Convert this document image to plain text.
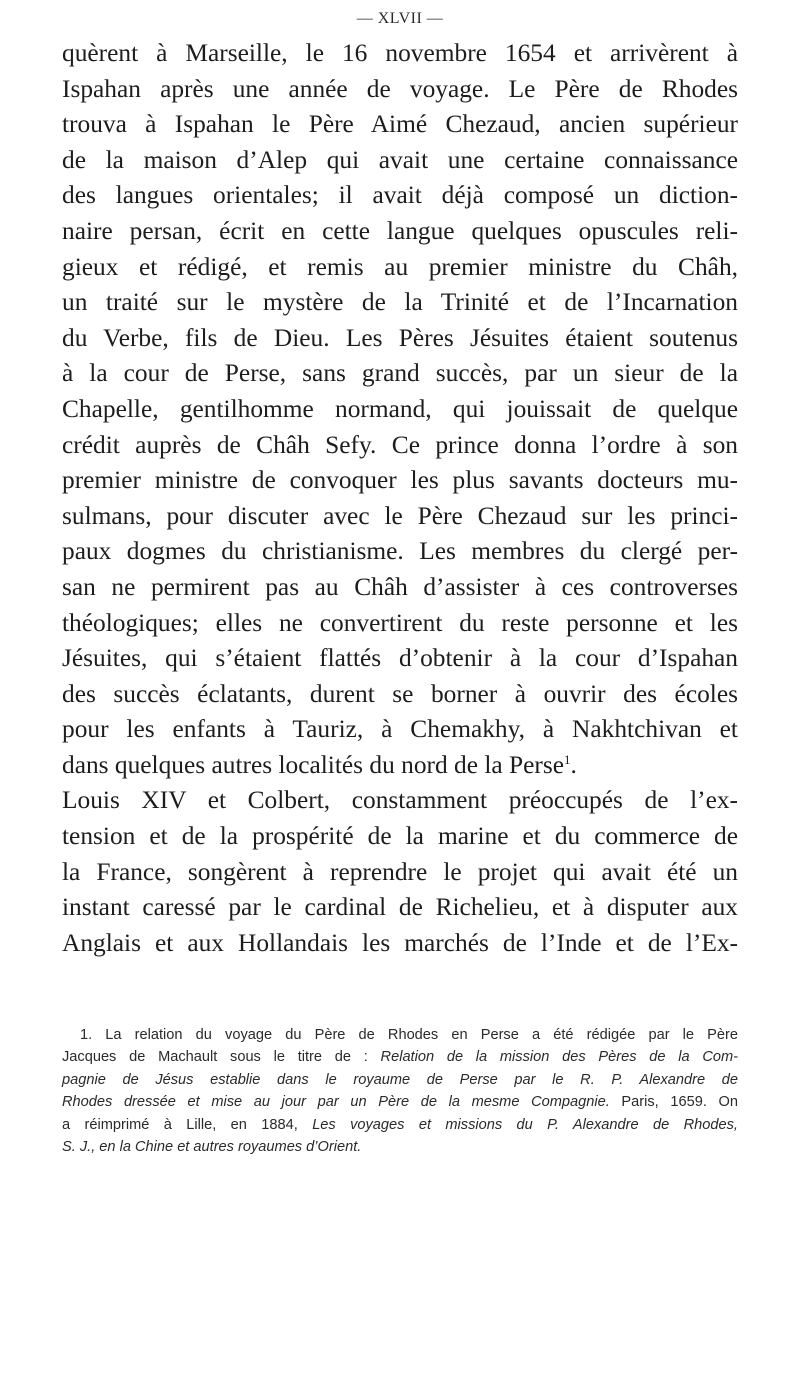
— XLVII —
quèrent à Marseille, le 16 novembre 1654 et arrivèrent à
Ispahan après une année de voyage. Le Père de Rhodes
trouva à Ispahan le Père Aimé Chezaud, ancien supérieur
de la maison d’Alep qui avait une certaine connaissance
des langues orientales; il avait déjà composé un diction-
naire persan, écrit en cette langue quelques opuscules reli-
gieux et rédigé, et remis au premier ministre du Châh,
un traité sur le mystère de la Trinité et de l’Incarnation
du Verbe, fils de Dieu. Les Pères Jésuites étaient soutenus
à la cour de Perse, sans grand succès, par un sieur de la
Chapelle, gentilhomme normand, qui jouissait de quelque
crédit auprès de Châh Sefy. Ce prince donna l’ordre à son
premier ministre de convoquer les plus savants docteurs mu-
sulmans, pour discuter avec le Père Chezaud sur les princi-
paux dogmes du christianisme. Les membres du clergé per-
san ne permirent pas au Châh d’assister à ces controverses
théologiques; elles ne convertirent du reste personne et les
Jésuites, qui s’étaient flattés d’obtenir à la cour d’Ispahan
des succès éclatants, durent se borner à ouvrir des écoles
pour les enfants à Tauriz, à Chemakhy, à Nakhtchivan et
dans quelques autres localités du nord de la Perse$^1$.
Louis XIV et Colbert, constamment préoccupés de l’ex-
tension et de la prospérité de la marine et du commerce de
la France, songèrent à reprendre le projet qui avait été un
instant caressé par le cardinal de Richelieu, et à disputer aux
Anglais et aux Hollandais les marchés de l’Inde et de l’Ex-
1. La relation du voyage du Père de Rhodes en Perse a été rédigée par le Père
Jacques de Machault sous le titre de : Relation de la mission des Pères de la Com-
pagnie de Jésus establie dans le royaume de Perse par le R. P. Alexandre de
Rhodes dressée et mise au jour par un Père de la mesme Compagnie. Paris, 1659. On
a réimprimé à Lille, en 1884, Les voyages et missions du P. Alexandre de Rhodes,
S. J., en la Chine et autres royaumes d’Orient.
